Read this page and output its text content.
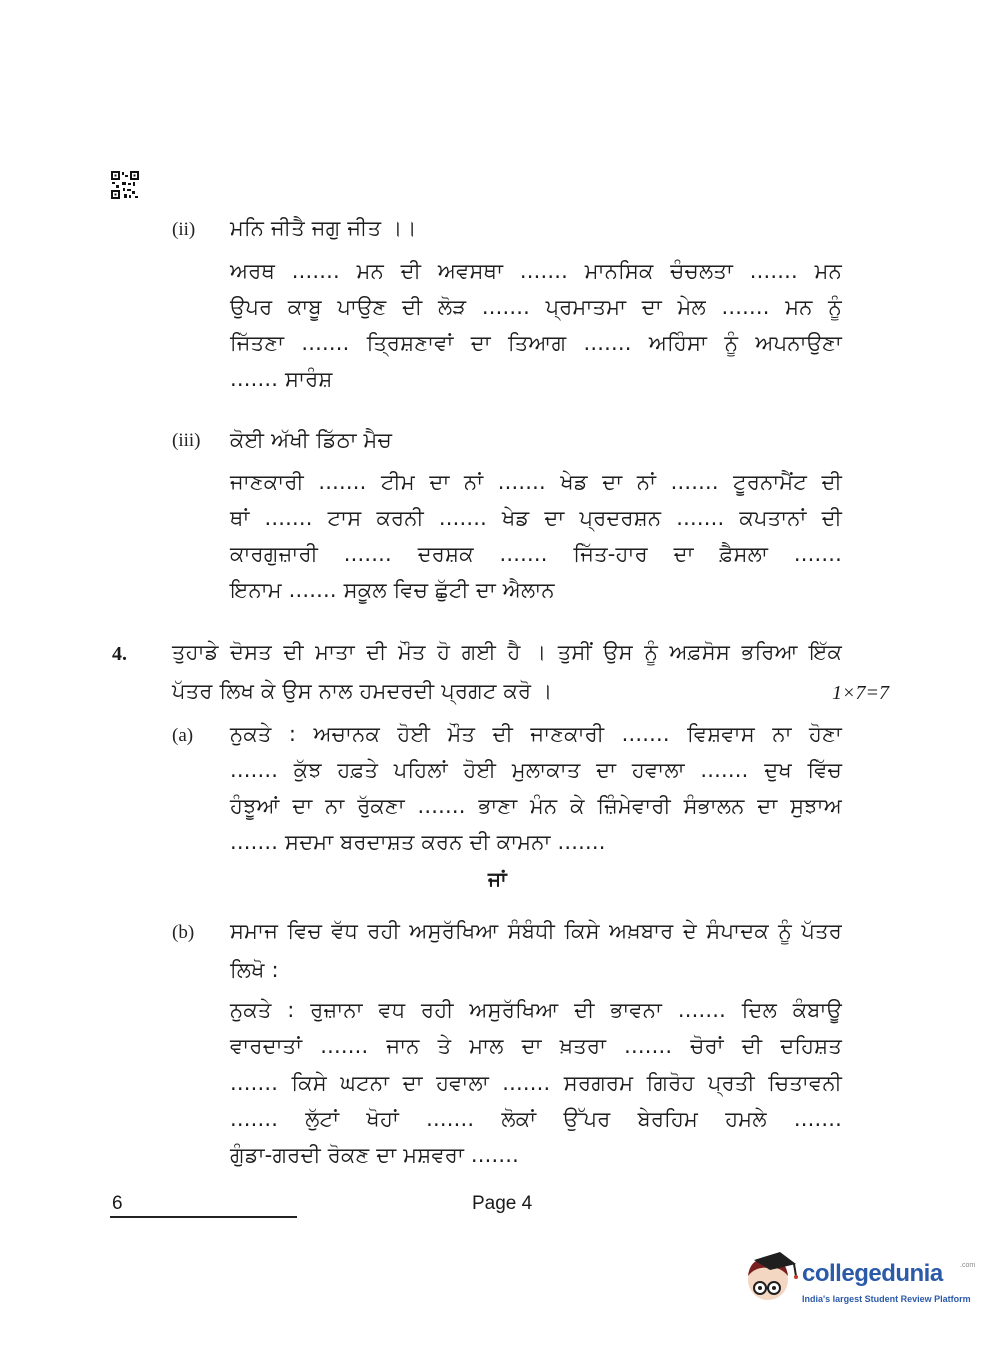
(ii) ਮਨਿ ਜੀਤੈ ਜਗੁ ਜੀਤ ।।
ਅਰਥ ....... ਮਨ ਦੀ ਅਵਸਥਾ ....... ਮਾਨਸਿਕ ਚੰਚਲਤਾ ....... ਮਨ
ਉਪਰ ਕਾਬੂ ਪਾਉਣ ਦੀ ਲੋੜ ....... ਪ੍ਰਮਾਤਮਾ ਦਾ ਮੇਲ ....... ਮਨ ਨੂੰ
ਜਿੱਤਣਾ ....... ਤ੍ਰਿਸ਼ਣਾਵਾਂ ਦਾ ਤਿਆਗ ....... ਅਹਿੰਸਾ ਨੂੰ ਅਪਨਾਉਣਾ
....... ਸਾਰੰਸ਼
(iii) ਕੋਈ ਅੱਖੀ ਡਿੱਠਾ ਮੈਚ
ਜਾਣਕਾਰੀ ....... ਟੀਮ ਦਾ ਨਾਂ ....... ਖੇਡ ਦਾ ਨਾਂ ....... ਟੂਰਨਾਮੈਂਟ ਦੀ
ਥਾਂ ....... ਟਾਸ ਕਰਨੀ ....... ਖੇਡ ਦਾ ਪ੍ਰਦਰਸ਼ਨ ....... ਕਪਤਾਨਾਂ ਦੀ
ਕਾਰਗੁਜ਼ਾਰੀ ....... ਦਰਸ਼ਕ ....... ਜਿੱਤ-ਹਾਰ ਦਾ ਫ਼ੈਸਲਾ .......
ਇਨਾਮ ....... ਸਕੂਲ ਵਿਚ ਛੁੱਟੀ ਦਾ ਐਲਾਨ
4. ਤੁਹਾਡੇ ਦੋਸਤ ਦੀ ਮਾਤਾ ਦੀ ਮੌਤ ਹੋ ਗਈ ਹੈ । ਤੁਸੀਂ ਉਸ ਨੂੰ ਅਫ਼ਸੋਸ ਭਰਿਆ ਇੱਕ
ਪੱਤਰ ਲਿਖ ਕੇ ਉਸ ਨਾਲ ਹਮਦਰਦੀ ਪ੍ਰਗਟ ਕਰੋ ।	1×7=7
(a) ਨੁਕਤੇ : ਅਚਾਨਕ ਹੋਈ ਮੌਤ ਦੀ ਜਾਣਕਾਰੀ ....... ਵਿਸ਼ਵਾਸ ਨਾ ਹੋਣਾ
....... ਕੁੱਝ ਹਫ਼ਤੇ ਪਹਿਲਾਂ ਹੋਈ ਮੁਲਾਕਾਤ ਦਾ ਹਵਾਲਾ ....... ਦੁਖ ਵਿੱਚ
ਹੰਝੂਆਂ ਦਾ ਨਾ ਰੁੱਕਣਾ ....... ਭਾਣਾ ਮੰਨ ਕੇ ਜ਼ਿੰਮੇਵਾਰੀ ਸੰਭਾਲਨ ਦਾ ਸੁਝਾਅ
....... ਸਦਮਾ ਬਰਦਾਸ਼ਤ ਕਰਨ ਦੀ ਕਾਮਨਾ .......
ਜਾਂ
(b) ਸਮਾਜ ਵਿਚ ਵੱਧ ਰਹੀ ਅਸੁਰੱਖਿਆ ਸੰਬੰਧੀ ਕਿਸੇ ਅਖ਼ਬਾਰ ਦੇ ਸੰਪਾਦਕ ਨੂੰ ਪੱਤਰ
ਲਿਖੋ :
ਨੁਕਤੇ : ਰੁਜ਼ਾਨਾ ਵਧ ਰਹੀ ਅਸੁਰੱਖਿਆ ਦੀ ਭਾਵਨਾ ....... ਦਿਲ ਕੰਬਾਊ
ਵਾਰਦਾਤਾਂ ....... ਜਾਨ ਤੇ ਮਾਲ ਦਾ ਖ਼ਤਰਾ ....... ਚੋਰਾਂ ਦੀ ਦਹਿਸ਼ਤ
....... ਕਿਸੇ ਘਟਨਾ ਦਾ ਹਵਾਲਾ ....... ਸਰਗਰਮ ਗਿਰੋਹ ਪ੍ਰਤੀ ਚਿਤਾਵਨੀ
....... ਲੁੱਟਾਂ ਖੋਹਾਂ ....... ਲੋਕਾਂ ਉੱਪਰ ਬੇਰਹਿਮ ਹਮਲੇ .......
ਗੁੰਡਾ-ਗਰਦੀ ਰੋਕਣ ਦਾ ਮਸ਼ਵਰਾ .......
6	Page 4
collegedunia .com
India's largest Student Review Platform
